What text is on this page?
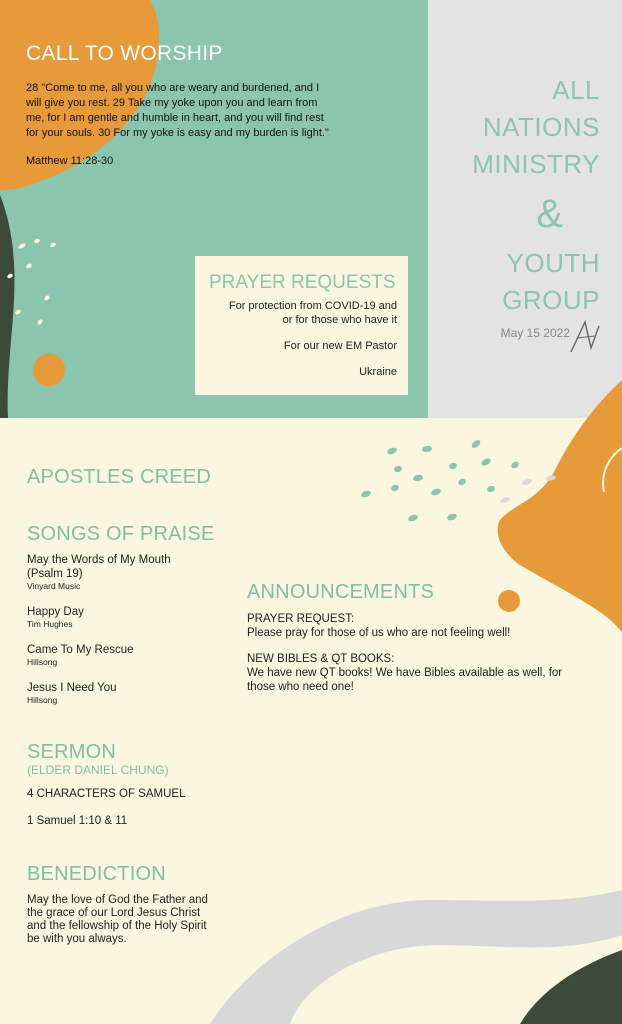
CALL TO WORSHIP
28 "Come to me, all you who are weary and burdened, and I will give you rest. 29 Take my yoke upon you and learn from me, for I am gentle and humble in heart, and you will find rest for your souls. 30 For my yoke is easy and my burden is light."
Matthew 11:28-30
ALL
NATIONS
MINISTRY
&
YOUTH
GROUP
May 15 2022
PRAYER REQUESTS
For protection from COVID-19 and or for those who have it
For our new EM Pastor
Ukraine
APOSTLES CREED
SONGS OF PRAISE
May the Words of My Mouth (Psalm 19)
Vinyard Music
Happy Day
Tim Hughes
Came To My Rescue
Hillsong
Jesus I Need You
Hillsong
SERMON
(ELDER DANIEL CHUNG)
4 CHARACTERS OF SAMUEL
1 Samuel 1:10 & 11
BENEDICTION
May the love of God the Father and the grace of our Lord Jesus Christ and the fellowship of the Holy Spirit be with you always.
ANNOUNCEMENTS
PRAYER REQUEST:
Please pray for those of us who are not feeling well!
NEW BIBLES & QT BOOKS:
We have new QT books! We have Bibles available as well, for those who need one!
